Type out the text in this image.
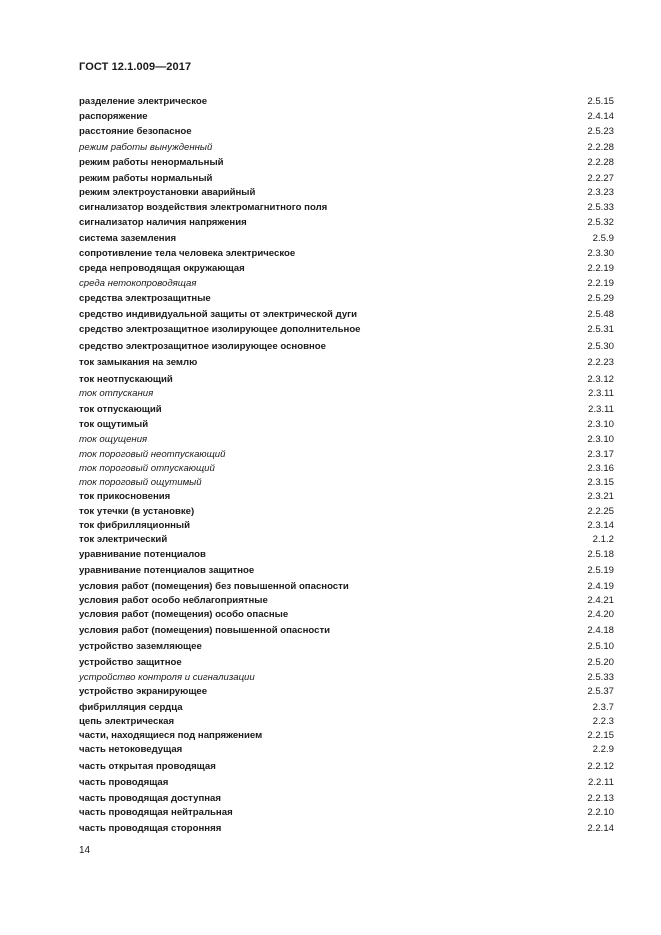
ГОСТ 12.1.009—2017
разделение электрическое	2.5.15
распоряжение	2.4.14
расстояние безопасное	2.5.23
режим работы вынужденный	2.2.28
режим работы ненормальный	2.2.28
режим работы нормальный	2.2.27
режим электроустановки аварийный	2.3.23
сигнализатор воздействия электромагнитного поля	2.5.33
сигнализатор наличия напряжения	2.5.32
система заземления	2.5.9
сопротивление тела человека электрическое	2.3.30
среда непроводящая окружающая	2.2.19
среда нетокопроводящая	2.2.19
средства электрозащитные	2.5.29
средство индивидуальной защиты от электрической дуги	2.5.48
средство электрозащитное изолирующее дополнительное	2.5.31
средство электрозащитное изолирующее основное	2.5.30
ток замыкания на землю	2.2.23
ток неотпускающий	2.3.12
ток отпускания	2.3.11
ток отпускающий	2.3.11
ток ощутимый	2.3.10
ток ощущения	2.3.10
ток пороговый неотпускающий	2.3.17
ток пороговый отпускающий	2.3.16
ток пороговый ощутимый	2.3.15
ток прикосновения	2.3.21
ток утечки (в установке)	2.2.25
ток фибрилляционный	2.3.14
ток электрический	2.1.2
уравнивание потенциалов	2.5.18
уравнивание потенциалов защитное	2.5.19
условия работ (помещения) без повышенной опасности	2.4.19
условия работ особо неблагоприятные	2.4.21
условия работ (помещения) особо опасные	2.4.20
условия работ (помещения) повышенной опасности	2.4.18
устройство заземляющее	2.5.10
устройство защитное	2.5.20
устройство контроля и сигнализации	2.5.33
устройство экранирующее	2.5.37
фибрилляция сердца	2.3.7
цепь электрическая	2.2.3
части, находящиеся под напряжением	2.2.15
часть нетоковедущая	2.2.9
часть открытая проводящая	2.2.12
часть проводящая	2.2.11
часть проводящая доступная	2.2.13
часть проводящая нейтральная	2.2.10
часть проводящая сторонняя	2.2.14
14
